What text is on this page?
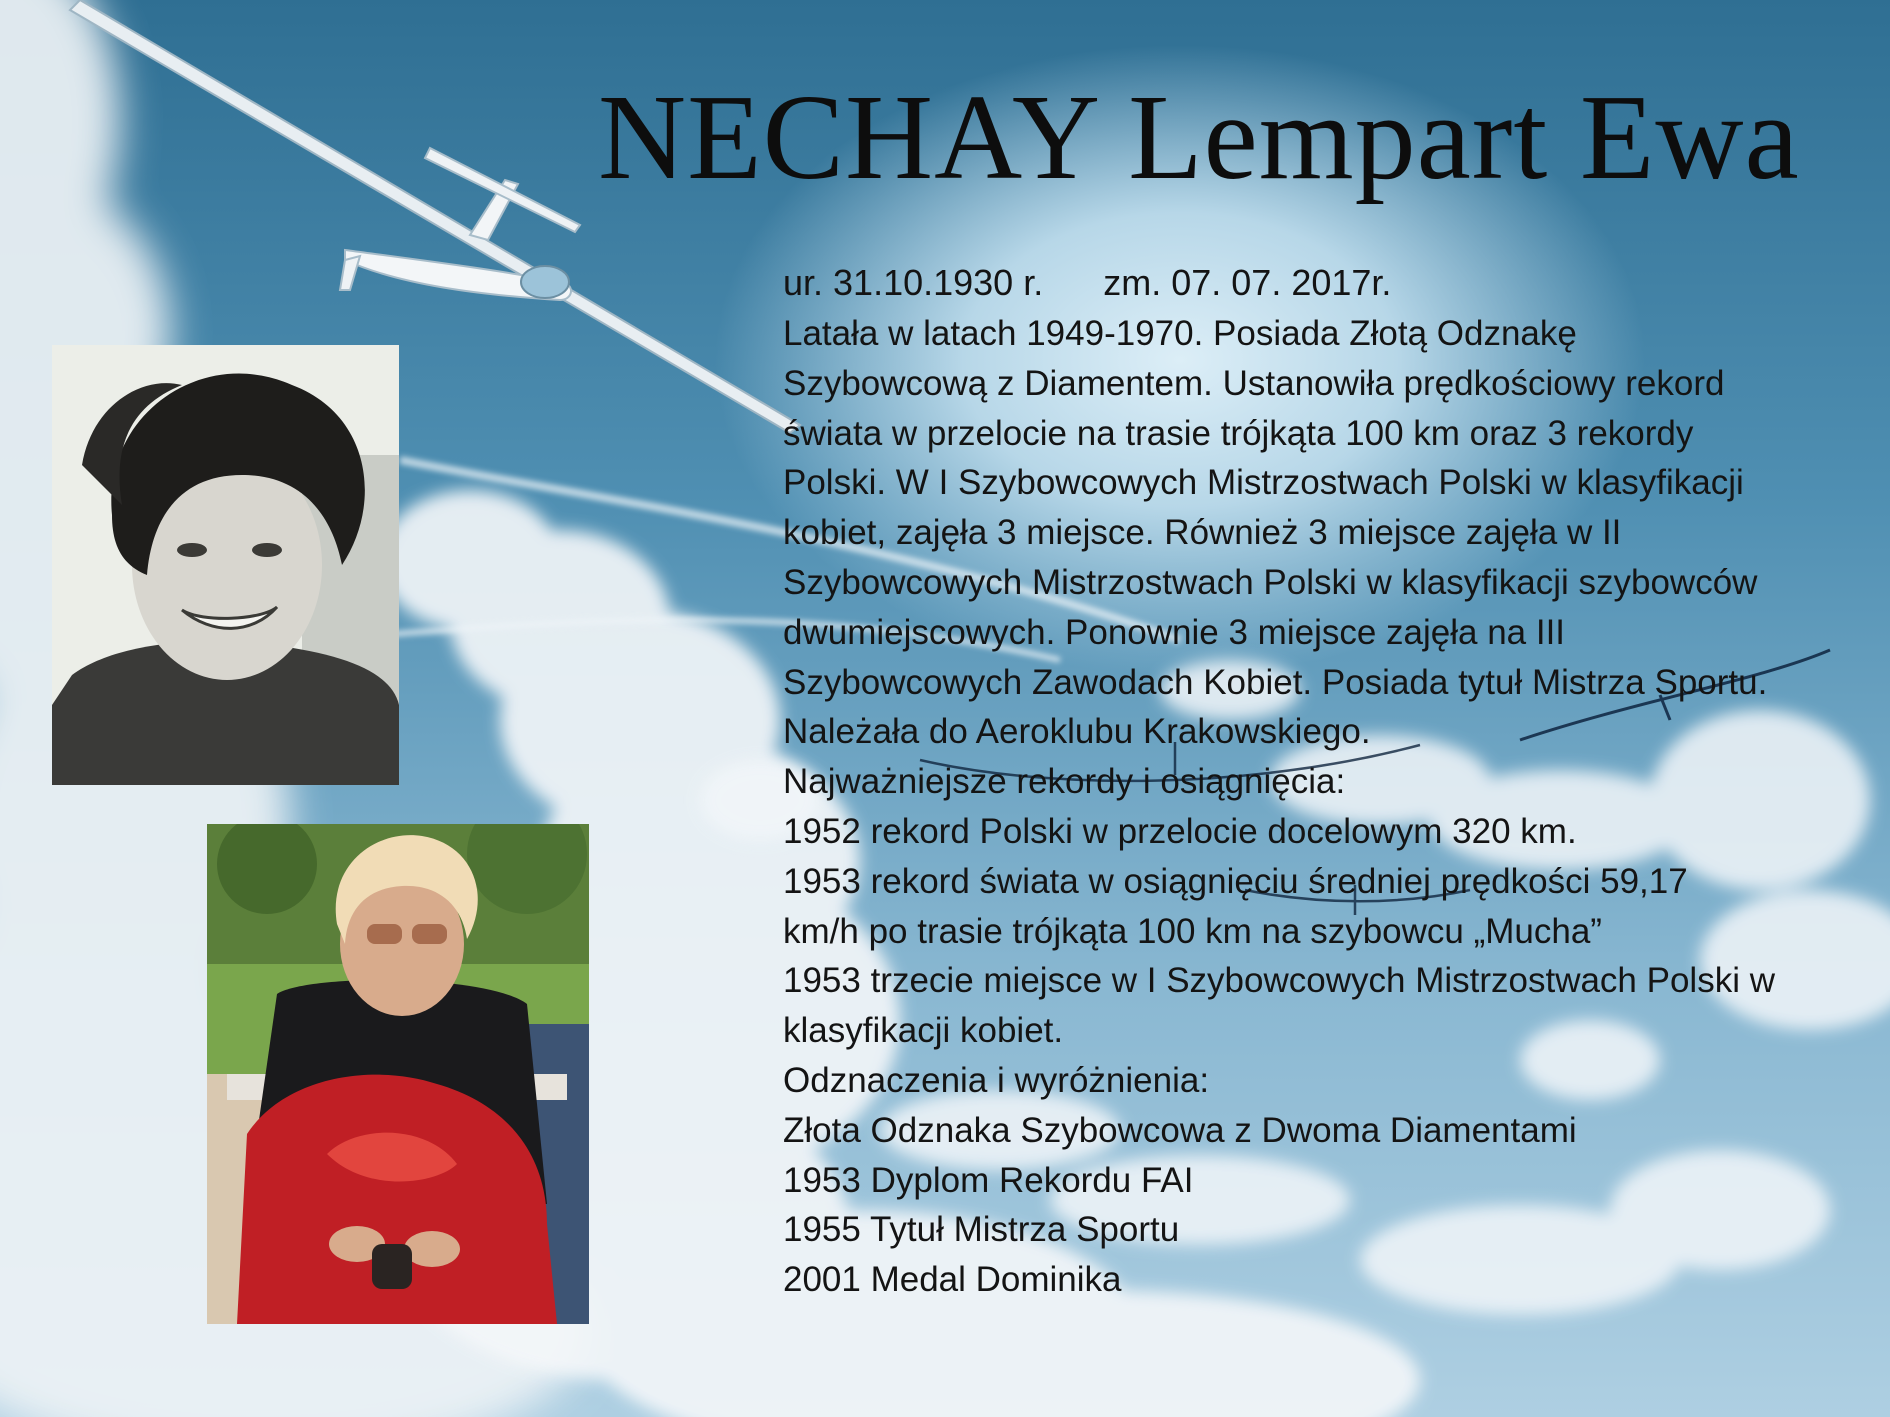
NECHAY Lempart Ewa
ur. 31.10.1930 r. zm. 07. 07. 2017r.
Latała w latach 1949-1970. Posiada Złotą Odznakę
Szybowcową z Diamentem. Ustanowiła prędkościowy rekord
świata w przelocie na trasie trójkąta 100 km oraz 3 rekordy
Polski. W I Szybowcowych Mistrzostwach Polski w klasyfikacji
kobiet, zajęła 3 miejsce. Również 3 miejsce zajęła w II
Szybowcowych Mistrzostwach Polski w klasyfikacji szybowców
dwumiejscowych. Ponownie 3 miejsce zajęła na III
Szybowcowych Zawodach Kobiet. Posiada tytuł Mistrza Sportu.
Należała do Aeroklubu Krakowskiego.
Najważniejsze rekordy i osiągnięcia:
1952 rekord Polski w przelocie docelowym 320 km.
1953 rekord świata w osiągnięciu średniej prędkości 59,17
km/h po trasie trójkąta 100 km na szybowcu „Mucha”
1953 trzecie miejsce w I Szybowcowych Mistrzostwach Polski w
klasyfikacji kobiet.
Odznaczenia i wyróżnienia:
Złota Odznaka Szybowcowa z Dwoma Diamentami
1953 Dyplom Rekordu FAI
1955 Tytuł Mistrza Sportu
2001 Medal Dominika
